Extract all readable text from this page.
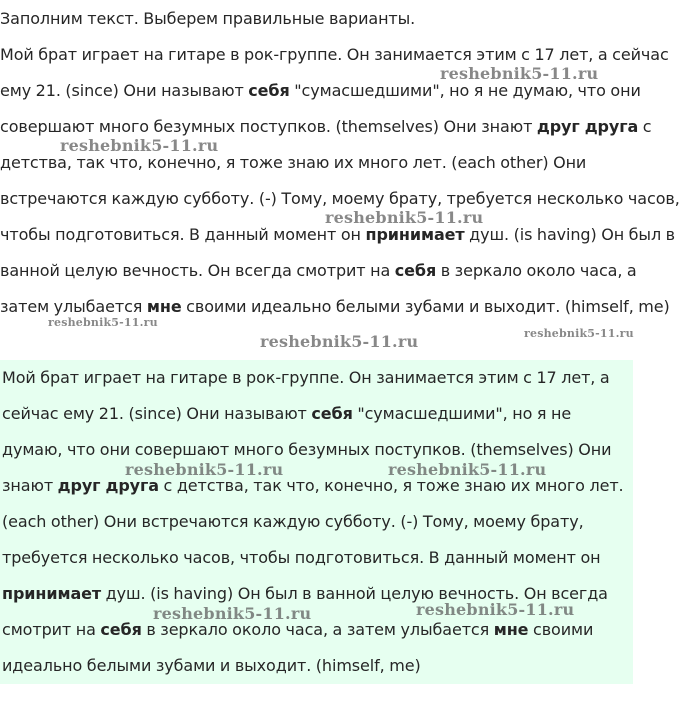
Заполним текст. Выберем правильные варианты.

Мой брат играет на гитаре в рок-группе. Он занимается этим с 17 лет, а сейчас ему 21. (since) Они называют себя "сумасшедшими", но я не думаю, что они совершают много безумных поступков. (themselves) Они знают друг друга с детства, так что, конечно, я тоже знаю их много лет. (each other) Они встречаются каждую субботу. (-) Тому, моему брату, требуется несколько часов, чтобы подготовиться. В данный момент он принимает душ. (is having) Он был в ванной целую вечность. Он всегда смотрит на себя в зеркало около часа, а затем улыбается мне своими идеально белыми зубами и выходит. (himself, me)

Мой брат играет на гитаре в рок-группе. Он занимается этим с 17 лет, а сейчас ему 21. (since) Они называют себя "сумасшедшими", но я не думаю, что они совершают много безумных поступков. (themselves) Они знают друг друга с детства, так что, конечно, я тоже знаю их много лет. (each other) Они встречаются каждую субботу. (-) Тому, моему брату, требуется несколько часов, чтобы подготовиться. В данный момент он принимает душ. (is having) Он был в ванной целую вечность. Он всегда смотрит на себя в зеркало около часа, а затем улыбается мне своими идеально белыми зубами и выходит. (himself, me)

reshebnik5-11.ru
reshebnik5-11.ru
reshebnik5-11.ru
reshebnik5-11.ru
reshebnik5-11.ru	reshebnik5-11.ru
reshebnik5-11.ru	reshebnik5-11.ru
reshebnik5-11.ru	reshebnik5-11.ru
